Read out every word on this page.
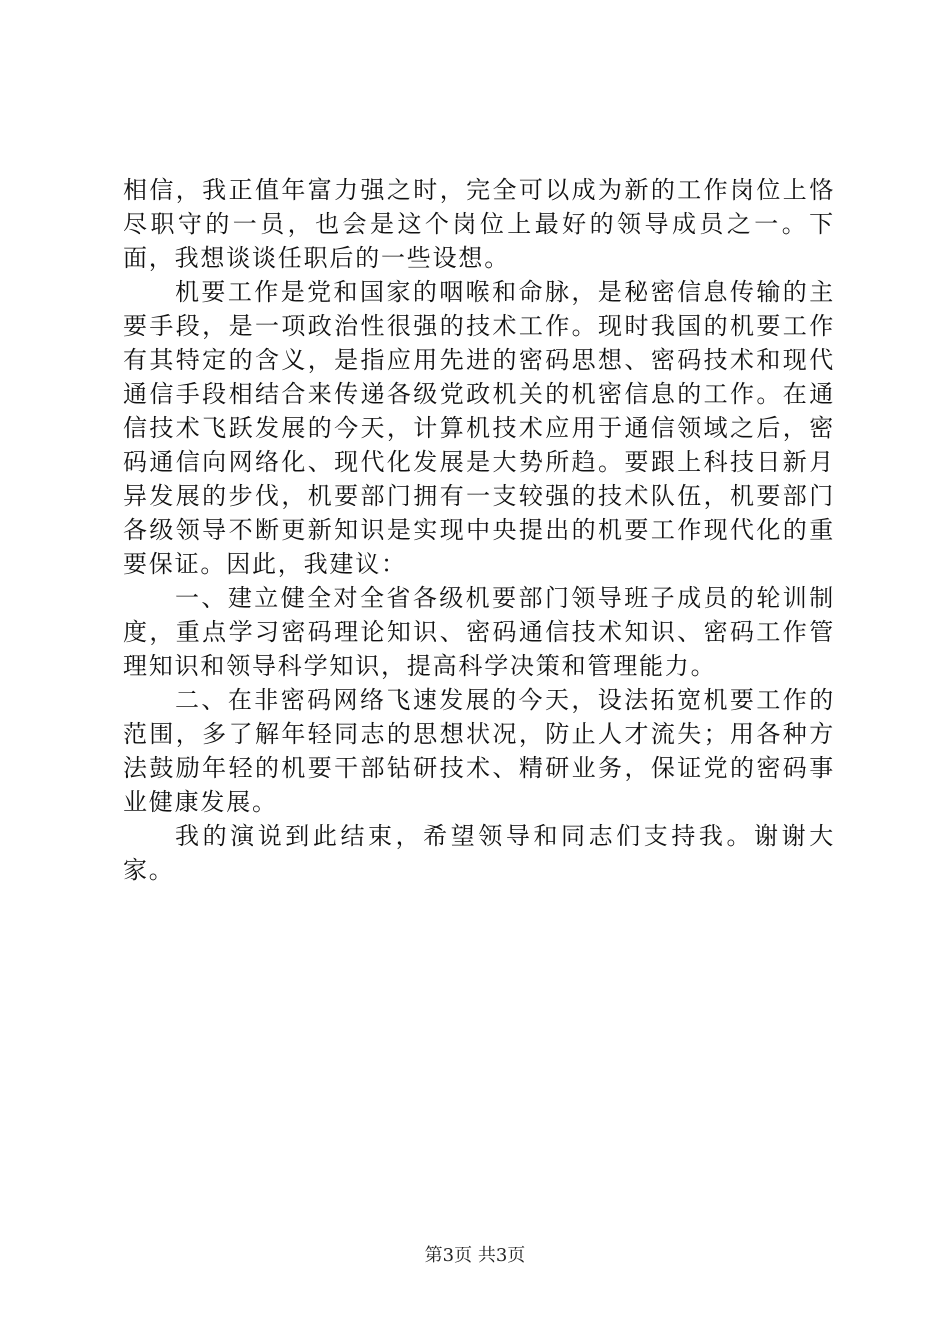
相信，我正值年富力强之时，完全可以成为新的工作岗位上恪尽职守的一员，也会是这个岗位上最好的领导成员之一。下面，我想谈谈任职后的一些设想。

机要工作是党和国家的咽喉和命脉，是秘密信息传输的主要手段，是一项政治性很强的技术工作。现时我国的机要工作有其特定的含义，是指应用先进的密码思想、密码技术和现代通信手段相结合来传递各级党政机关的机密信息的工作。在通信技术飞跃发展的今天，计算机技术应用于通信领域之后，密码通信向网络化、现代化发展是大势所趋。要跟上科技日新月异发展的步伐，机要部门拥有一支较强的技术队伍，机要部门各级领导不断更新知识是实现中央提出的机要工作现代化的重要保证。因此，我建议：

一、建立健全对全省各级机要部门领导班子成员的轮训制度，重点学习密码理论知识、密码通信技术知识、密码工作管理知识和领导科学知识，提高科学决策和管理能力。

二、在非密码网络飞速发展的今天，设法拓宽机要工作的范围，多了解年轻同志的思想状况，防止人才流失；用各种方法鼓励年轻的机要干部钻研技术、精研业务，保证党的密码事业健康发展。

我的演说到此结束，希望领导和同志们支持我。谢谢大家。

第3页 共3页
